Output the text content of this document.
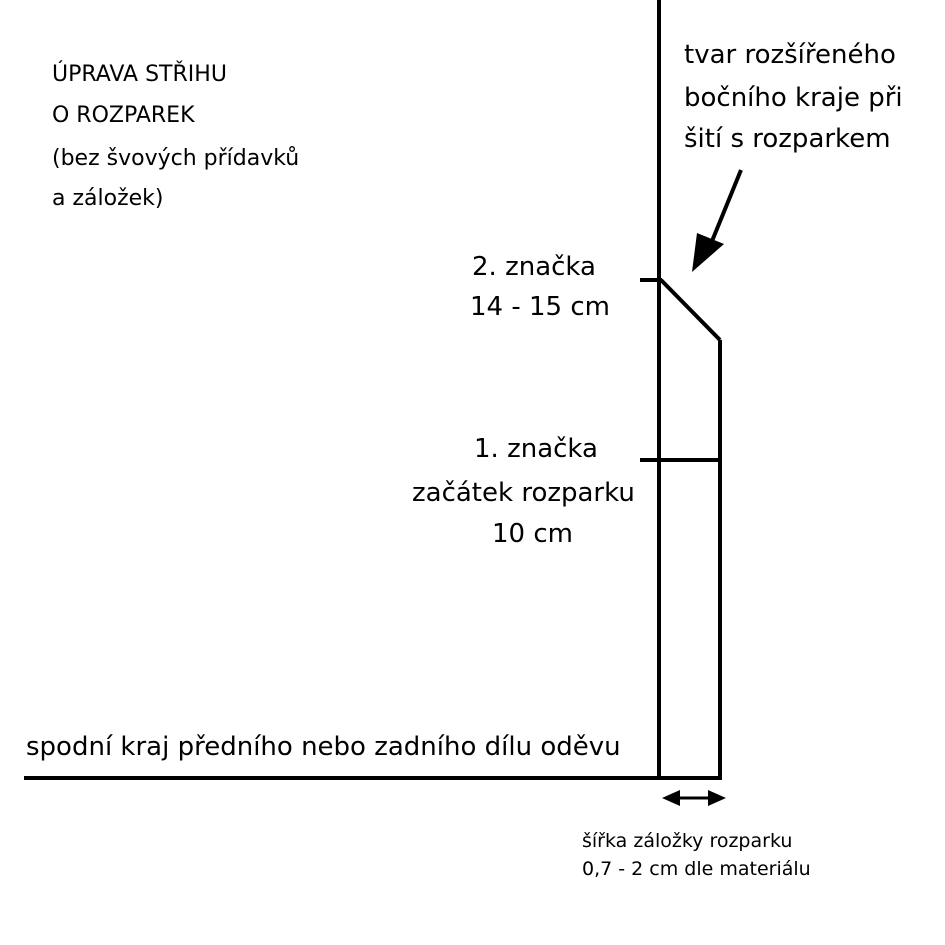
ÚPRAVA STŘIHU
O ROZPAREK
(bez švových přídavků
a záložek)
tvar rozšířeného
bočního kraje při
šití s rozparkem
2. značka
14 - 15 cm
1. značka
začátek rozparku
10 cm
spodní kraj předního nebo zadního dílu oděvu
šířka záložky rozparku
0,7 - 2 cm dle materiálu
